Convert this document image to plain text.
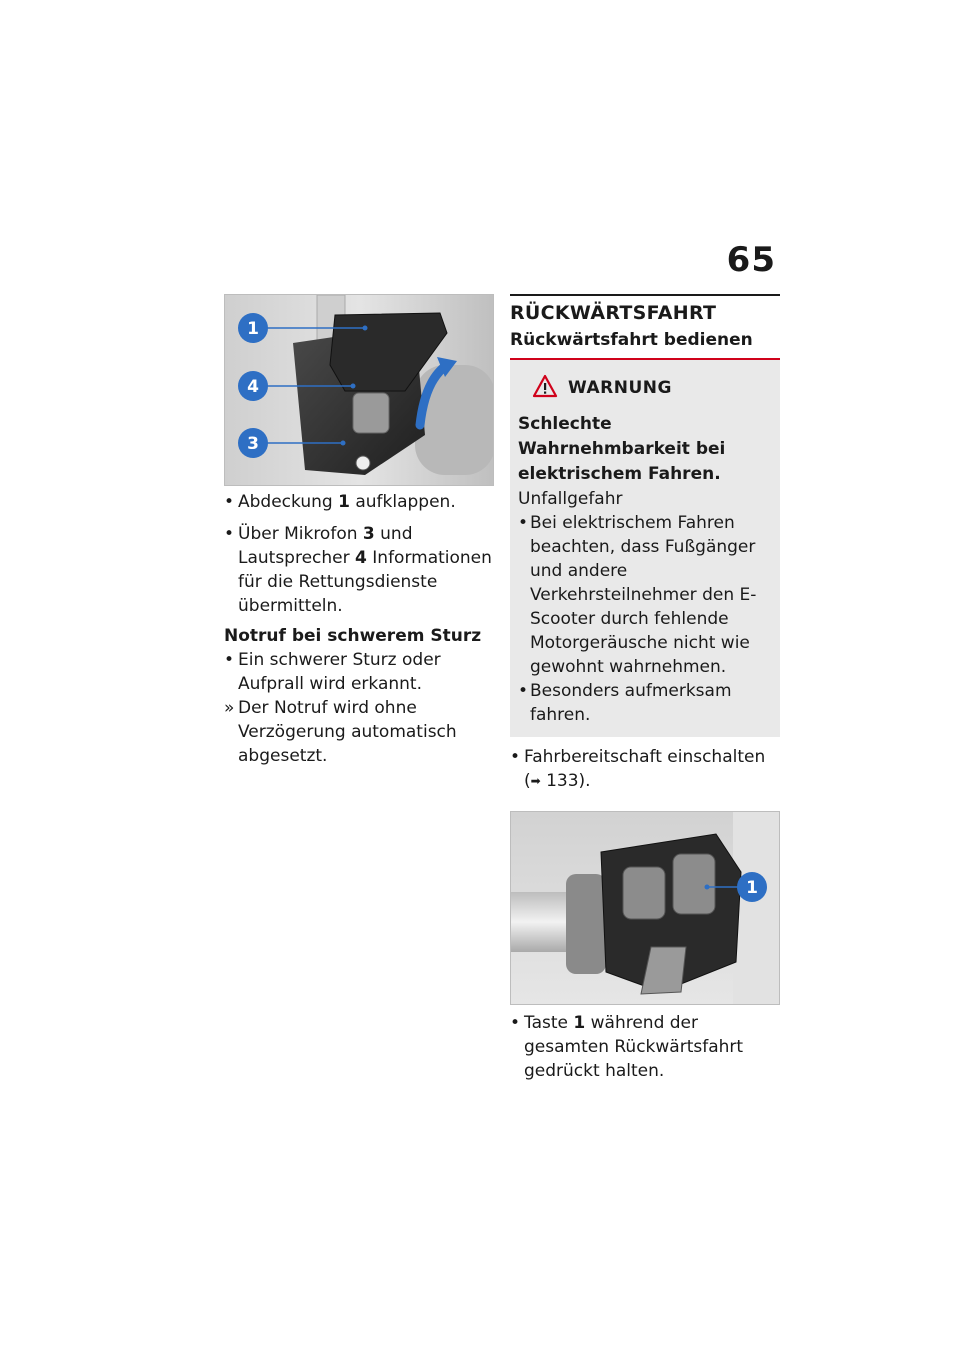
65
1
4
3
• Abdeckung 1 aufklappen.
• Über Mikrofon 3 und Lautsprecher 4 Informationen für die Rettungsdienste übermitteln.
Notruf bei schwerem Sturz
• Ein schwerer Sturz oder Aufprall wird erkannt.
» Der Notruf wird ohne Verzögerung automatisch abgesetzt.
RÜCKWÄRTSFAHRT
Rückwärtsfahrt bedienen
WARNUNG
Schlechte Wahrnehmbarkeit bei elektrischem Fahren.
Unfallgefahr
• Bei elektrischem Fahren beachten, dass Fußgänger und andere Verkehrsteilnehmer den E-Scooter durch fehlende Motorgeräusche nicht wie gewohnt wahrnehmen.
• Besonders aufmerksam fahren.
• Fahrbereitschaft einschalten
(➡ 133).
1
• Taste 1 während der gesamten Rückwärtsfahrt gedrückt halten.
